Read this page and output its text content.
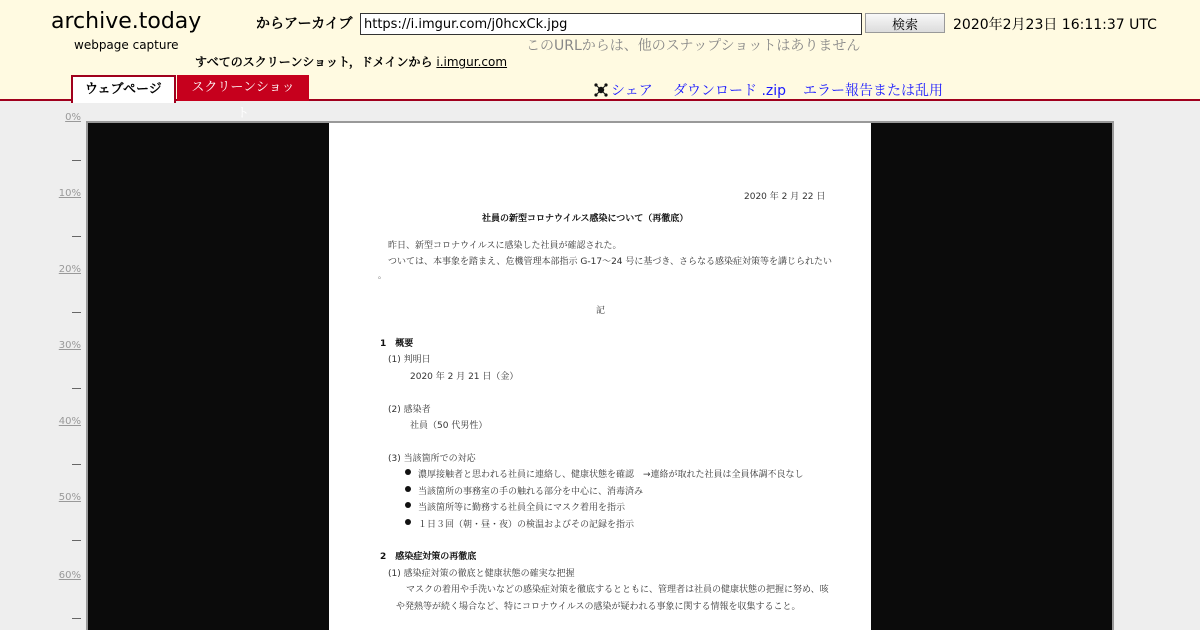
archive.today
webpage capture
からアーカイブ
https://i.imgur.com/j0hcxCk.jpg	検索	2020年2月23日 16:11:37 UTC
このURLからは、他のスナップショットはありません
すべてのスクリーンショット，ドメインから i.imgur.com
ウェブページ	スクリーンショット
シェア ダウンロード .zip エラー報告または乱用
0%
10%
20%
30%
40%
50%
60%
2020 年 2 月 22 日
社員の新型コロナウイルス感染について（再徹底）
昨日、新型コロナウイルスに感染した社員が確認された。
ついては、本事象を踏まえ、危機管理本部指示 G-17～24 号に基づき、さらなる感染症対策等を講じられたい
。
記
1　概要
(1) 判明日
2020 年 2 月 21 日（金）
(2) 感染者
社員（50 代男性）
(3) 当該箇所での対応
濃厚接触者と思われる社員に連絡し、健康状態を確認　→連絡が取れた社員は全員体調不良なし
当該箇所の事務室の手の触れる部分を中心に、消毒済み
当該箇所等に勤務する社員全員にマスク着用を指示
１日３回（朝・昼・夜）の検温およびその記録を指示
2　感染症対策の再徹底
(1) 感染症対策の徹底と健康状態の確実な把握
マスクの着用や手洗いなどの感染症対策を徹底するとともに、管理者は社員の健康状態の把握に努め、咳
や発熱等が続く場合など、特にコロナウイルスの感染が疑われる事象に関する情報を収集すること。
